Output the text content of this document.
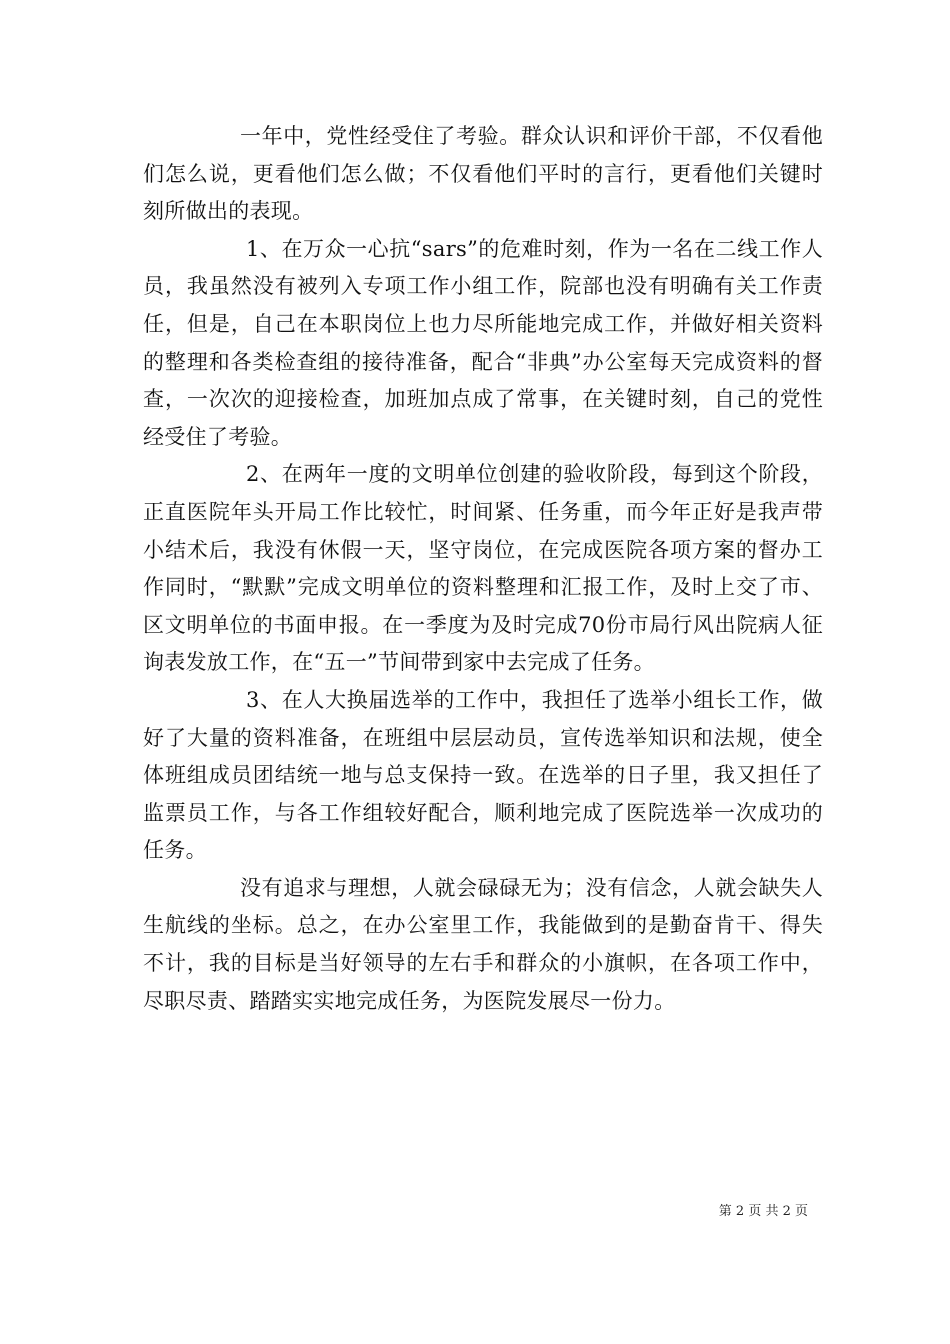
一年中，党性经受住了考验。群众认识和评价干部，不仅看他们怎么说，更看他们怎么做；不仅看他们平时的言行，更看他们关键时刻所做出的表现。

1、在万众一心抗“sars”的危难时刻，作为一名在二线工作人员，我虽然没有被列入专项工作小组工作，院部也没有明确有关工作责任，但是，自己在本职岗位上也力尽所能地完成工作，并做好相关资料的整理和各类检查组的接待准备，配合“非典”办公室每天完成资料的督查，一次次的迎接检查，加班加点成了常事，在关键时刻，自己的党性经受住了考验。

2、在两年一度的文明单位创建的验收阶段，每到这个阶段，正直医院年头开局工作比较忙，时间紧、任务重，而今年正好是我声带小结术后，我没有休假一天，坚守岗位，在完成医院各项方案的督办工作同时，“默默”完成文明单位的资料整理和汇报工作，及时上交了市、区文明单位的书面申报。在一季度为及时完成70份市局行风出院病人征询表发放工作，在“五一”节间带到家中去完成了任务。

3、在人大换届选举的工作中，我担任了选举小组长工作，做好了大量的资料准备，在班组中层层动员，宣传选举知识和法规，使全体班组成员团结统一地与总支保持一致。在选举的日子里，我又担任了监票员工作，与各工作组较好配合，顺利地完成了医院选举一次成功的任务。

没有追求与理想，人就会碌碌无为；没有信念，人就会缺失人生航线的坐标。总之，在办公室里工作，我能做到的是勤奋肯干、得失不计，我的目标是当好领导的左右手和群众的小旗帜，在各项工作中，尽职尽责、踏踏实实地完成任务，为医院发展尽一份力。

第 2 页 共 2 页
